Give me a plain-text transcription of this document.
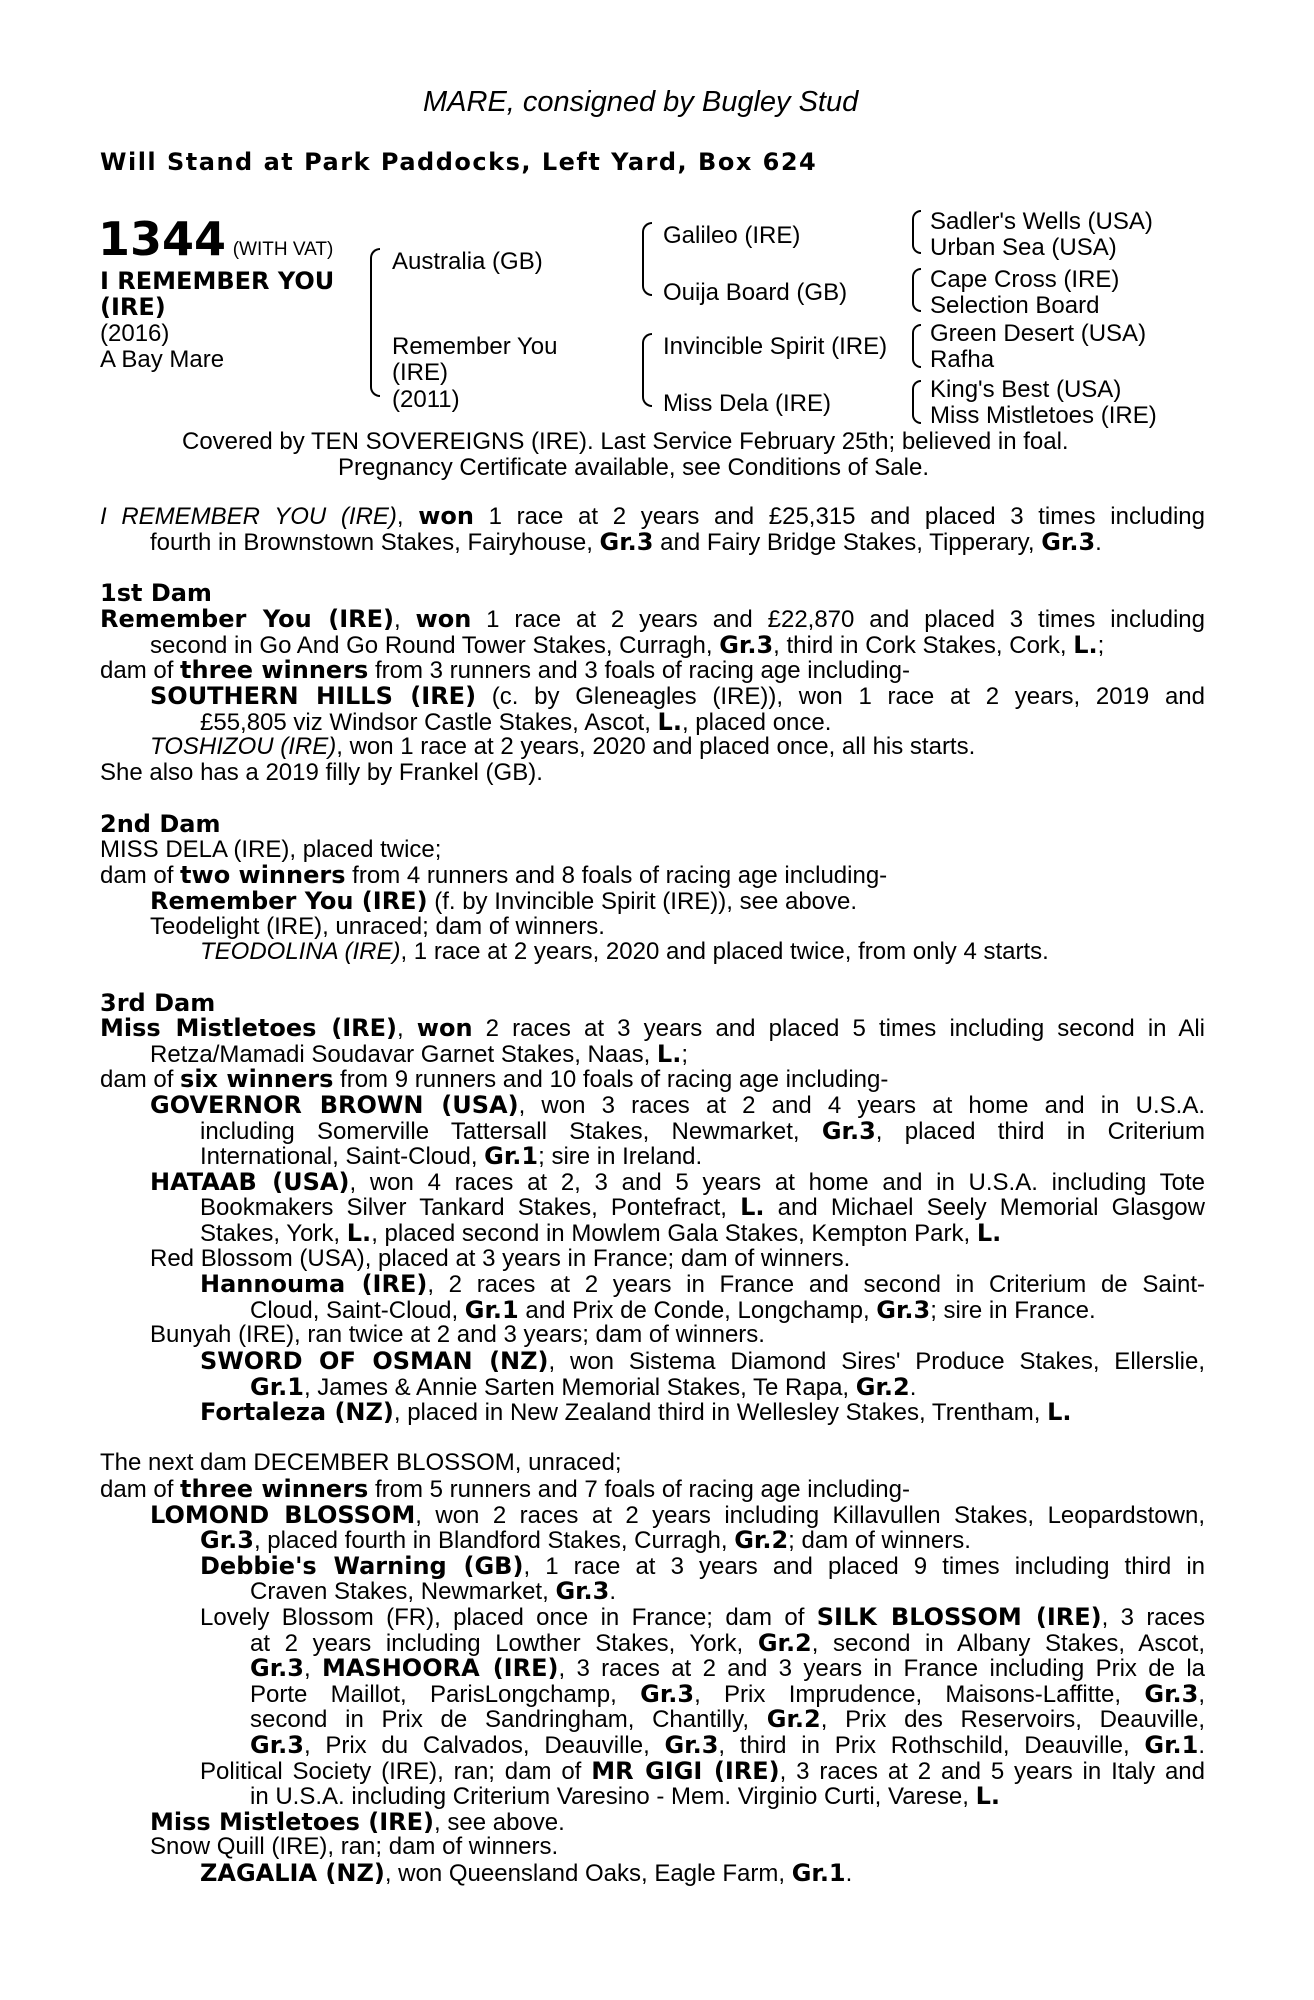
MARE, consigned by Bugley Stud
Will Stand at Park Paddocks, Left Yard, Box 624
1344 (WITH VAT)
I REMEMBER YOU
(IRE)
(2016)
A Bay Mare
Australia (GB)
Remember You
(IRE)
(2011)
Galileo (IRE)
Ouija Board (GB)
Invincible Spirit (IRE)
Miss Dela (IRE)
Sadler's Wells (USA)
Urban Sea (USA)
Cape Cross (IRE)
Selection Board
Green Desert (USA)
Rafha
King's Best (USA)
Miss Mistletoes (IRE)
Covered by TEN SOVEREIGNS (IRE). Last Service February 25th; believed in foal.
Pregnancy Certificate available, see Conditions of Sale.
I REMEMBER YOU (IRE), won 1 race at 2 years and £25,315 and placed 3 times including
fourth in Brownstown Stakes, Fairyhouse, Gr.3 and Fairy Bridge Stakes, Tipperary, Gr.3.
1st Dam
Remember You (IRE), won 1 race at 2 years and £22,870 and placed 3 times including
second in Go And Go Round Tower Stakes, Curragh, Gr.3, third in Cork Stakes, Cork, L.;
dam of three winners from 3 runners and 3 foals of racing age including-
SOUTHERN HILLS (IRE) (c. by Gleneagles (IRE)), won 1 race at 2 years, 2019 and
£55,805 viz Windsor Castle Stakes, Ascot, L., placed once.
TOSHIZOU (IRE), won 1 race at 2 years, 2020 and placed once, all his starts.
She also has a 2019 filly by Frankel (GB).
2nd Dam
MISS DELA (IRE), placed twice;
dam of two winners from 4 runners and 8 foals of racing age including-
Remember You (IRE) (f. by Invincible Spirit (IRE)), see above.
Teodelight (IRE), unraced; dam of winners.
TEODOLINA (IRE), 1 race at 2 years, 2020 and placed twice, from only 4 starts.
3rd Dam
Miss Mistletoes (IRE), won 2 races at 3 years and placed 5 times including second in Ali
Retza/Mamadi Soudavar Garnet Stakes, Naas, L.;
dam of six winners from 9 runners and 10 foals of racing age including-
GOVERNOR BROWN (USA), won 3 races at 2 and 4 years at home and in U.S.A.
including Somerville Tattersall Stakes, Newmarket, Gr.3, placed third in Criterium
International, Saint-Cloud, Gr.1; sire in Ireland.
HATAAB (USA), won 4 races at 2, 3 and 5 years at home and in U.S.A. including Tote
Bookmakers Silver Tankard Stakes, Pontefract, L. and Michael Seely Memorial Glasgow
Stakes, York, L., placed second in Mowlem Gala Stakes, Kempton Park, L.
Red Blossom (USA), placed at 3 years in France; dam of winners.
Hannouma (IRE), 2 races at 2 years in France and second in Criterium de Saint-
Cloud, Saint-Cloud, Gr.1 and Prix de Conde, Longchamp, Gr.3; sire in France.
Bunyah (IRE), ran twice at 2 and 3 years; dam of winners.
SWORD OF OSMAN (NZ), won Sistema Diamond Sires' Produce Stakes, Ellerslie,
Gr.1, James & Annie Sarten Memorial Stakes, Te Rapa, Gr.2.
Fortaleza (NZ), placed in New Zealand third in Wellesley Stakes, Trentham, L.
The next dam DECEMBER BLOSSOM, unraced;
dam of three winners from 5 runners and 7 foals of racing age including-
LOMOND BLOSSOM, won 2 races at 2 years including Killavullen Stakes, Leopardstown,
Gr.3, placed fourth in Blandford Stakes, Curragh, Gr.2; dam of winners.
Debbie's Warning (GB), 1 race at 3 years and placed 9 times including third in
Craven Stakes, Newmarket, Gr.3.
Lovely Blossom (FR), placed once in France; dam of SILK BLOSSOM (IRE), 3 races
at 2 years including Lowther Stakes, York, Gr.2, second in Albany Stakes, Ascot,
Gr.3, MASHOORA (IRE), 3 races at 2 and 3 years in France including Prix de la
Porte Maillot, ParisLongchamp, Gr.3, Prix Imprudence, Maisons-Laffitte, Gr.3,
second in Prix de Sandringham, Chantilly, Gr.2, Prix des Reservoirs, Deauville,
Gr.3, Prix du Calvados, Deauville, Gr.3, third in Prix Rothschild, Deauville, Gr.1.
Political Society (IRE), ran; dam of MR GIGI (IRE), 3 races at 2 and 5 years in Italy and
in U.S.A. including Criterium Varesino - Mem. Virginio Curti, Varese, L.
Miss Mistletoes (IRE), see above.
Snow Quill (IRE), ran; dam of winners.
ZAGALIA (NZ), won Queensland Oaks, Eagle Farm, Gr.1.
